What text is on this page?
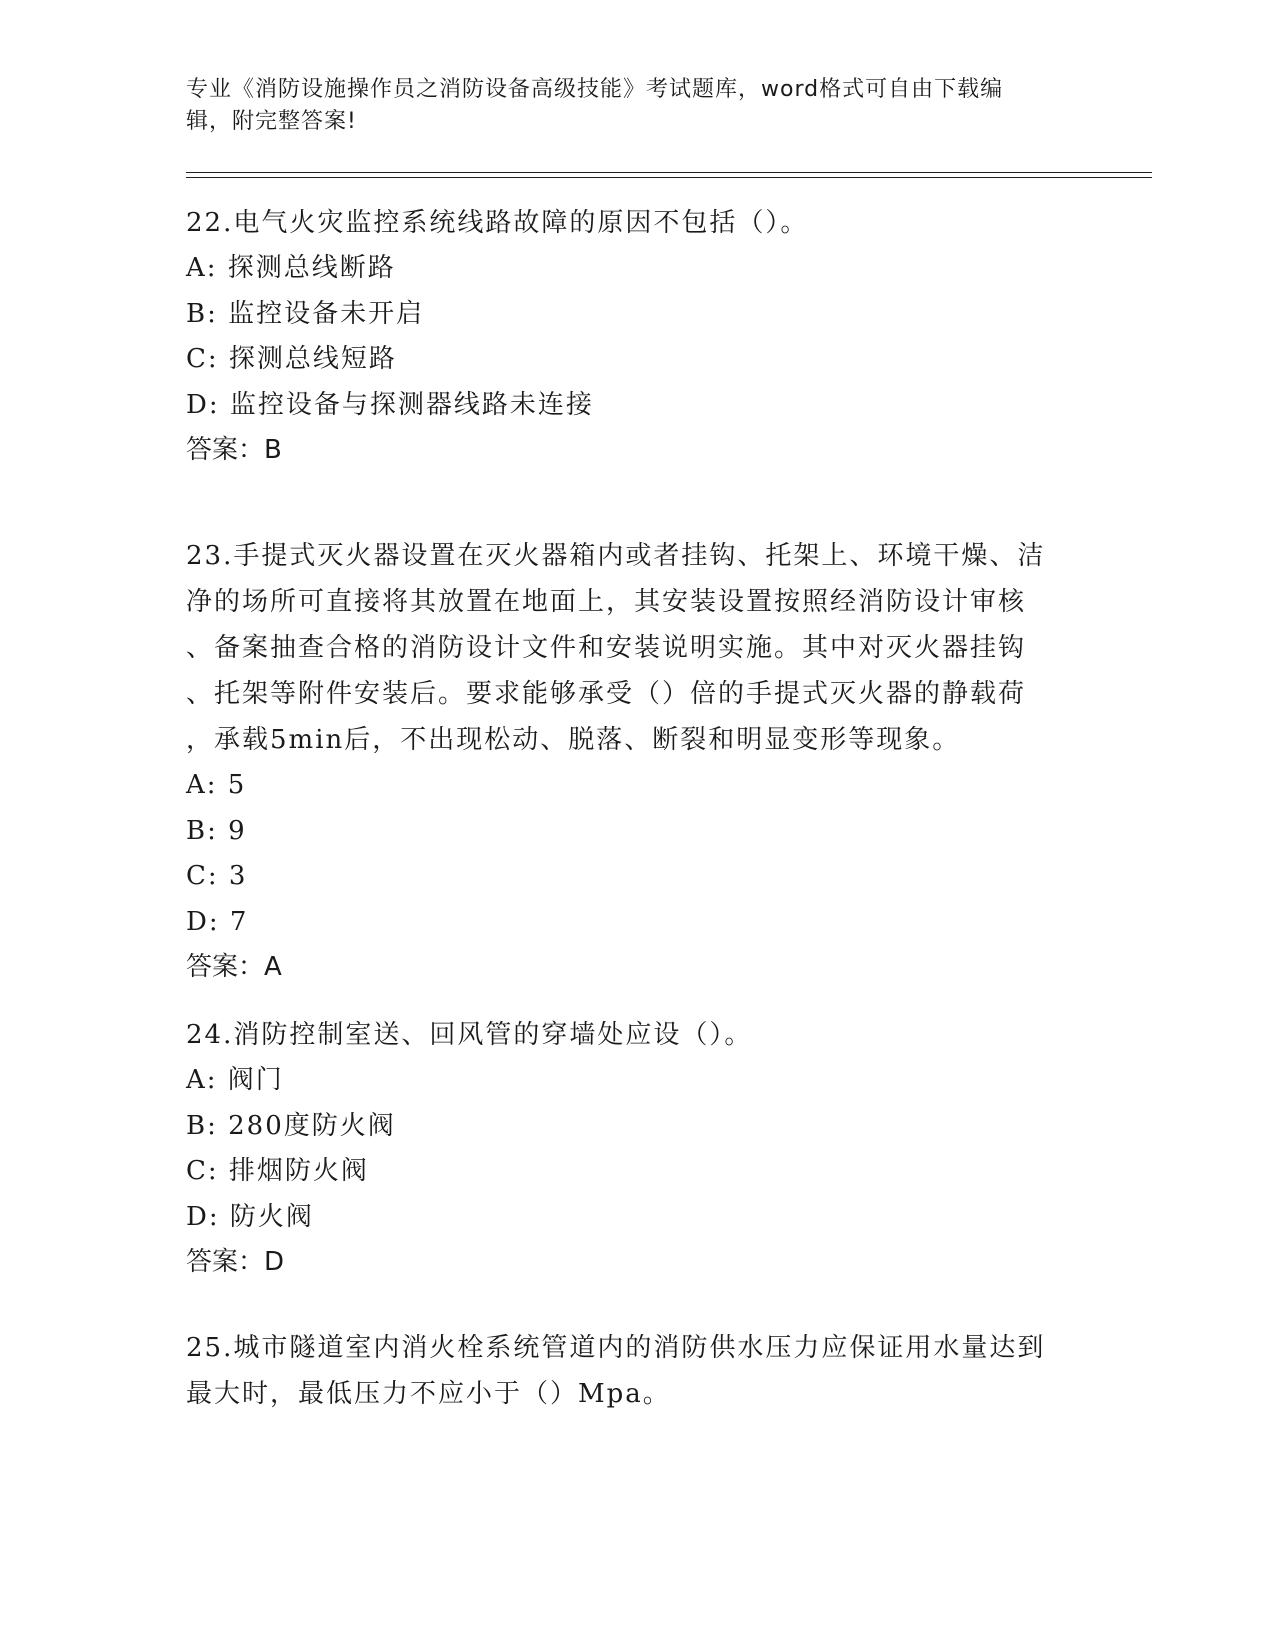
专业《消防设施操作员之消防设备高级技能》考试题库，word格式可自由下载编
辑，附完整答案!

22.电气火灾监控系统线路故障的原因不包括（）。

A: 探测总线断路

B: 监控设备未开启

C: 探测总线短路

D: 监控设备与探测器线路未连接

答案：B

23.手提式灭火器设置在灭火器箱内或者挂钩、托架上、环境干燥、洁

净的场所可直接将其放置在地面上，其安装设置按照经消防设计审核

、备案抽查合格的消防设计文件和安装说明实施。其中对灭火器挂钩

、托架等附件安装后。要求能够承受（）倍的手提式灭火器的静载荷

，承载5min后，不出现松动、脱落、断裂和明显变形等现象。

A: 5

B: 9

C: 3

D: 7

答案：A

24.消防控制室送、回风管的穿墙处应设（）。

A: 阀门

B: 280度防火阀

C: 排烟防火阀

D: 防火阀

答案：D

25.城市隧道室内消火栓系统管道内的消防供水压力应保证用水量达到

最大时，最低压力不应小于（）Mpa。
